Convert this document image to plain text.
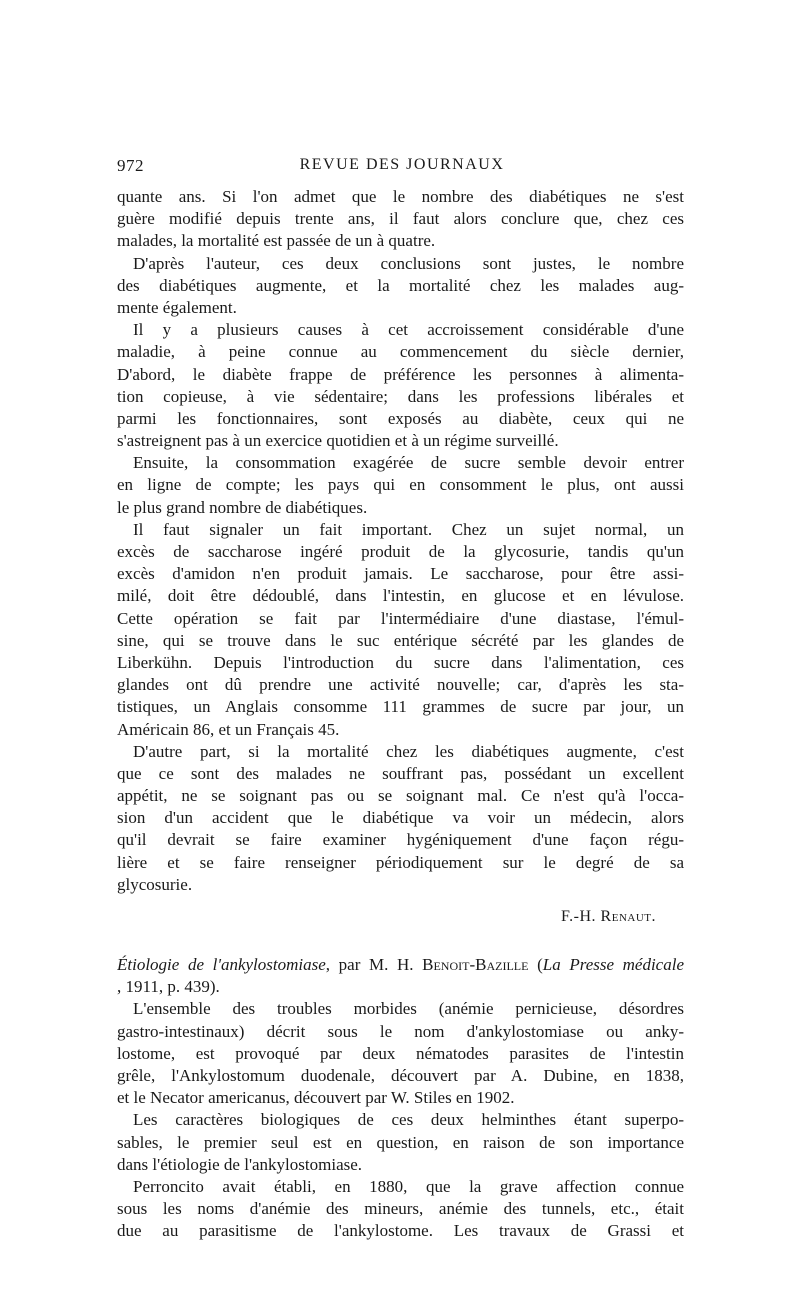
972	REVUE DES JOURNAUX
quante ans. Si l'on admet que le nombre des diabétiques ne s'est
guère modifié depuis trente ans, il faut alors conclure que, chez ces
malades, la mortalité est passée de un à quatre.
D'après l'auteur, ces deux conclusions sont justes, le nombre
des diabétiques augmente, et la mortalité chez les malades aug-
mente également.
Il y a plusieurs causes à cet accroissement considérable d'une
maladie, à peine connue au commencement du siècle dernier,
D'abord, le diabète frappe de préférence les personnes à alimenta-
tion copieuse, à vie sédentaire; dans les professions libérales et
parmi les fonctionnaires, sont exposés au diabète, ceux qui ne
s'astreignent pas à un exercice quotidien et à un régime surveillé.
Ensuite, la consommation exagérée de sucre semble devoir entrer
en ligne de compte; les pays qui en consomment le plus, ont aussi
le plus grand nombre de diabétiques.
Il faut signaler un fait important. Chez un sujet normal, un
excès de saccharose ingéré produit de la glycosurie, tandis qu'un
excès d'amidon n'en produit jamais. Le saccharose, pour être assi-
milé, doit être dédoublé, dans l'intestin, en glucose et en lévulose.
Cette opération se fait par l'intermédiaire d'une diastase, l'émul-
sine, qui se trouve dans le suc entérique sécrété par les glandes de
Liberkühn. Depuis l'introduction du sucre dans l'alimentation, ces
glandes ont dû prendre une activité nouvelle; car, d'après les sta-
tistiques, un Anglais consomme 111 grammes de sucre par jour, un
Américain 86, et un Français 45.
D'autre part, si la mortalité chez les diabétiques augmente, c'est
que ce sont des malades ne souffrant pas, possédant un excellent
appétit, ne se soignant pas ou se soignant mal. Ce n'est qu'à l'occa-
sion d'un accident que le diabétique va voir un médecin, alors
qu'il devrait se faire examiner hygéniquement d'une façon régu-
lière et se faire renseigner périodiquement sur le degré de sa
glycosurie.
F.-H. Renaut.
Étiologie de l'ankylostomiase, par M. H. Benoit-Bazille (La Presse médicale
, 1911, p. 439).
L'ensemble des troubles morbides (anémie pernicieuse, désordres
gastro-intestinaux) décrit sous le nom d'ankylostomiase ou anky-
lostome, est provoqué par deux nématodes parasites de l'intestin
grêle, l'Ankylostomum duodenale, découvert par A. Dubine, en 1838,
et le Necator americanus, découvert par W. Stiles en 1902.
Les caractères biologiques de ces deux helminthes étant superpo-
sables, le premier seul est en question, en raison de son importance
dans l'étiologie de l'ankylostomiase.
Perroncito avait établi, en 1880, que la grave affection connue
sous les noms d'anémie des mineurs, anémie des tunnels, etc., était
due au parasitisme de l'ankylostome. Les travaux de Grassi et
